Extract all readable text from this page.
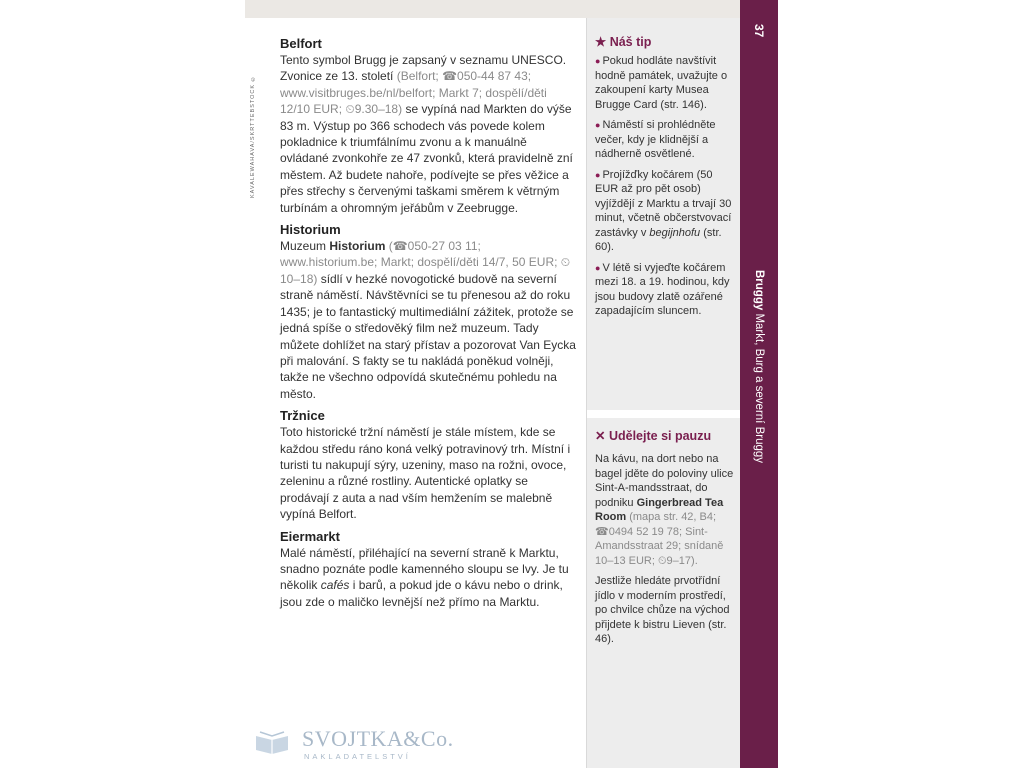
KAVALEWAHAVA/SKRTTEBSTOCK ©
Belfort

Tento symbol Brugg je zapsaný v seznamu UNESCO. Zvonice ze 13. století (Belfort; ☎050-44 87 43; www.visitbruges.be/nl/belfort; Markt 7; dospělí/děti 12/10 EUR; ⏲9.30–18) se vypíná nad Markten do výše 83 m. Výstup po 366 schodech vás povede kolem pokladnice k triumfálnímu zvonu a k manuálně ovládané zvonkohře ze 47 zvonků, která pravidelně zní městem. Až budete nahoře, podívejte se přes věžice a přes střechy s červenými taškami směrem k větrným turbínám a ohromným jeřábům v Zeebrugge.

Historium

Muzeum Historium (☎050-27 03 11; www.historium.be; Markt; dospělí/děti 14/7, 50 EUR; ⏲10–18) sídlí v hezké novogotické budově na severní straně náměstí. Návštěvníci se tu přenesou až do roku 1435; je to fantastický multimediální zážitek, protože se jedná spíše o středověký film než muzeum. Tady můžete dohlížet na starý přístav a pozorovat Van Eycka při malování. S fakty se tu nakládá poněkud volněji, takže ne všechno odpovídá skutečnému pohledu na město.

Tržnice

Toto historické tržní náměstí je stále místem, kde se každou středu ráno koná velký potravinový trh. Místní i turisti tu nakupují sýry, uzeniny, maso na rožni, ovoce, zeleninu a různé rostliny. Autentické oplatky se prodávají z auta a nad vším hemžením se malebně vypíná Belfort.

Eiermarkt

Malé náměstí, přiléhající na severní straně k Marktu, snadno poznáte podle kamenného sloupu se lvy. Je tu několik cafés i barů, a pokud jde o kávu nebo o drink, jsou zde o maličko levnější než přímo na Marktu.

★ Náš tip
● Pokud hodláte navštívit hodně památek, uvažujte o zakoupení karty Musea Brugge Card (str. 146).
● Náměstí si prohlédněte večer, kdy je klidnější a nádherně osvětlené.
● Projížďky kočárem (50 EUR až pro pět osob) vyjíždějí z Marktu a trvají 30 minut, včetně občerstvovací zastávky v begijnhofu (str. 60).
● V létě si vyjeďte kočárem mezi 18. a 19. hodinou, kdy jsou budovy zlatě ozářené zapadajícím sluncem.
✕ Udělejte si pauzu

Na kávu, na dort nebo na bagel jděte do poloviny ulice Sint-A-mandsstraat, do podniku Gingerbread Tea Room (mapa str. 42, B4; ☎0494 52 19 78; Sint-Amandsstraat 29; snídaně 10–13 EUR; ⏲9–17).

Jestliže hledáte prvotřídní jídlo v moderním prostředí, po chvilce chůze na východ přijdete k bistru Lieven (str. 46).

37
Bruggy Markt, Burg a severní Bruggy
SVOJTKA&Co.
NAKLADATELSTVÍ
